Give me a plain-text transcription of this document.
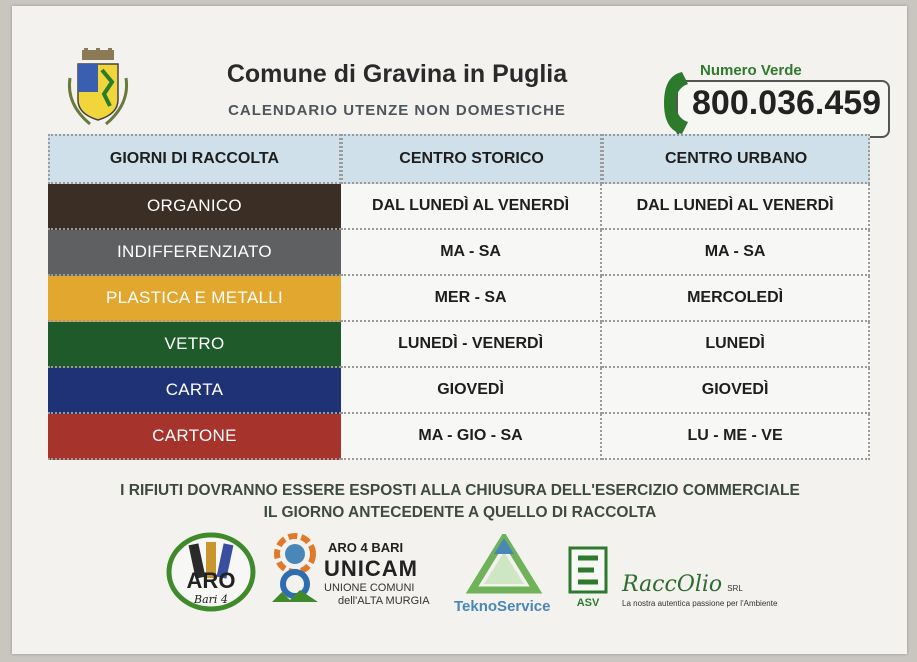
Comune di Gravina in Puglia
CALENDARIO UTENZE NON DOMESTICHE
Numero Verde
800.036.459
GIORNI DI RACCOLTA	CENTRO STORICO	CENTRO URBANO
ORGANICO	DAL LUNEDÌ AL VENERDÌ	DAL LUNEDÌ AL VENERDÌ
INDIFFERENZIATO	MA - SA	MA - SA
PLASTICA E METALLI	MER - SA	MERCOLEDÌ
VETRO	LUNEDÌ - VENERDÌ	LUNEDÌ
CARTA	GIOVEDÌ	GIOVEDÌ
CARTONE	MA - GIO - SA	LU - ME - VE
I RIFIUTI DOVRANNO ESSERE ESPOSTI ALLA CHIUSURA DELL'ESERCIZIO COMMERCIALE
IL GIORNO ANTECEDENTE A QUELLO DI RACCOLTA
ARO
Bari 4
ARO 4 BARI
UNICAM
UNIONE COMUNI
dell'ALTA MURGIA TeknoService ASV
RaccOlio SRL
La nostra autentica passione per l'Ambiente
